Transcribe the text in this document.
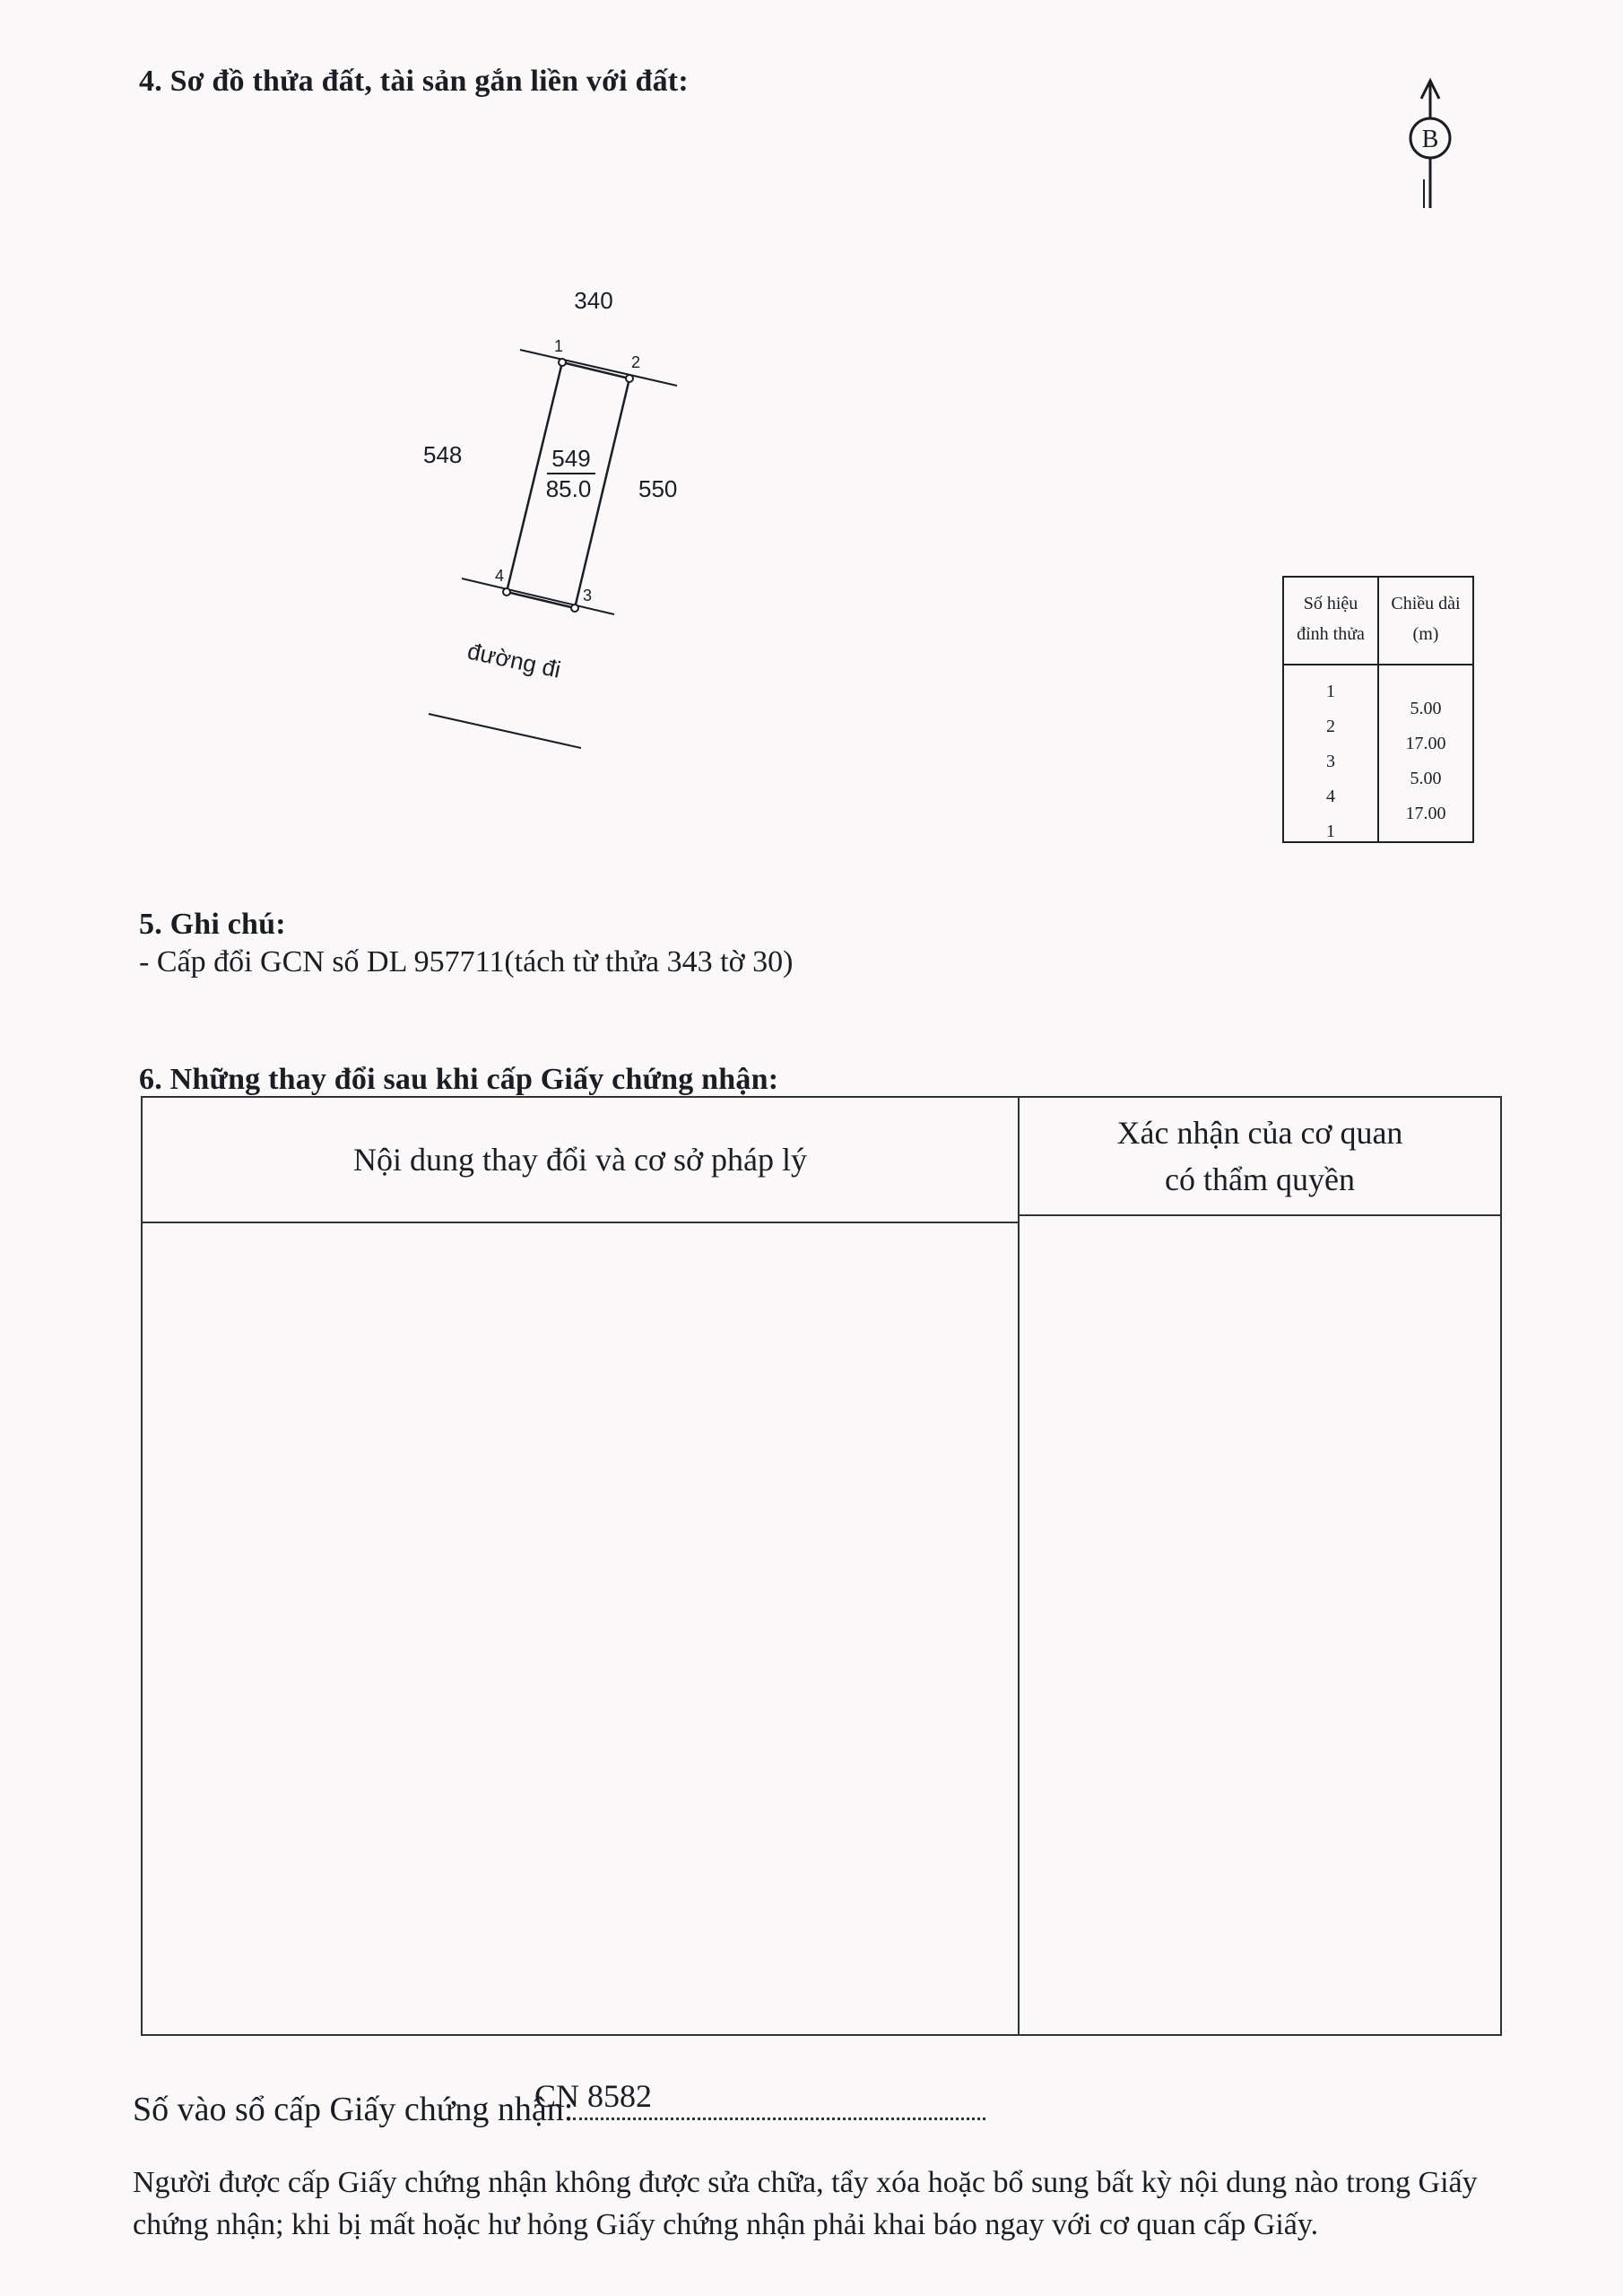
4. Sơ đồ thửa đất, tài sản gắn liền với đất:
B
1
2
3
4
340
548
550
549
85.0
đường đi
Số hiệu
đỉnh thửa
1
2
3
4
1
Chiều dài
(m)
5.00
17.00
5.00
17.00
5. Ghi chú:
- Cấp đổi GCN số DL 957711(tách từ thửa 343 tờ 30)
6. Những thay đổi sau khi cấp Giấy chứng nhận:
Nội dung thay đổi và cơ sở pháp lý
Xác nhận của cơ quan
có thẩm quyền
Số vào sổ cấp Giấy chứng nhận:
CN 8582
Người được cấp Giấy chứng nhận không được sửa chữa, tẩy xóa hoặc bổ sung bất kỳ nội dung nào trong Giấy chứng nhận; khi bị mất hoặc hư hỏng Giấy chứng nhận phải khai báo ngay với cơ quan cấp Giấy.
